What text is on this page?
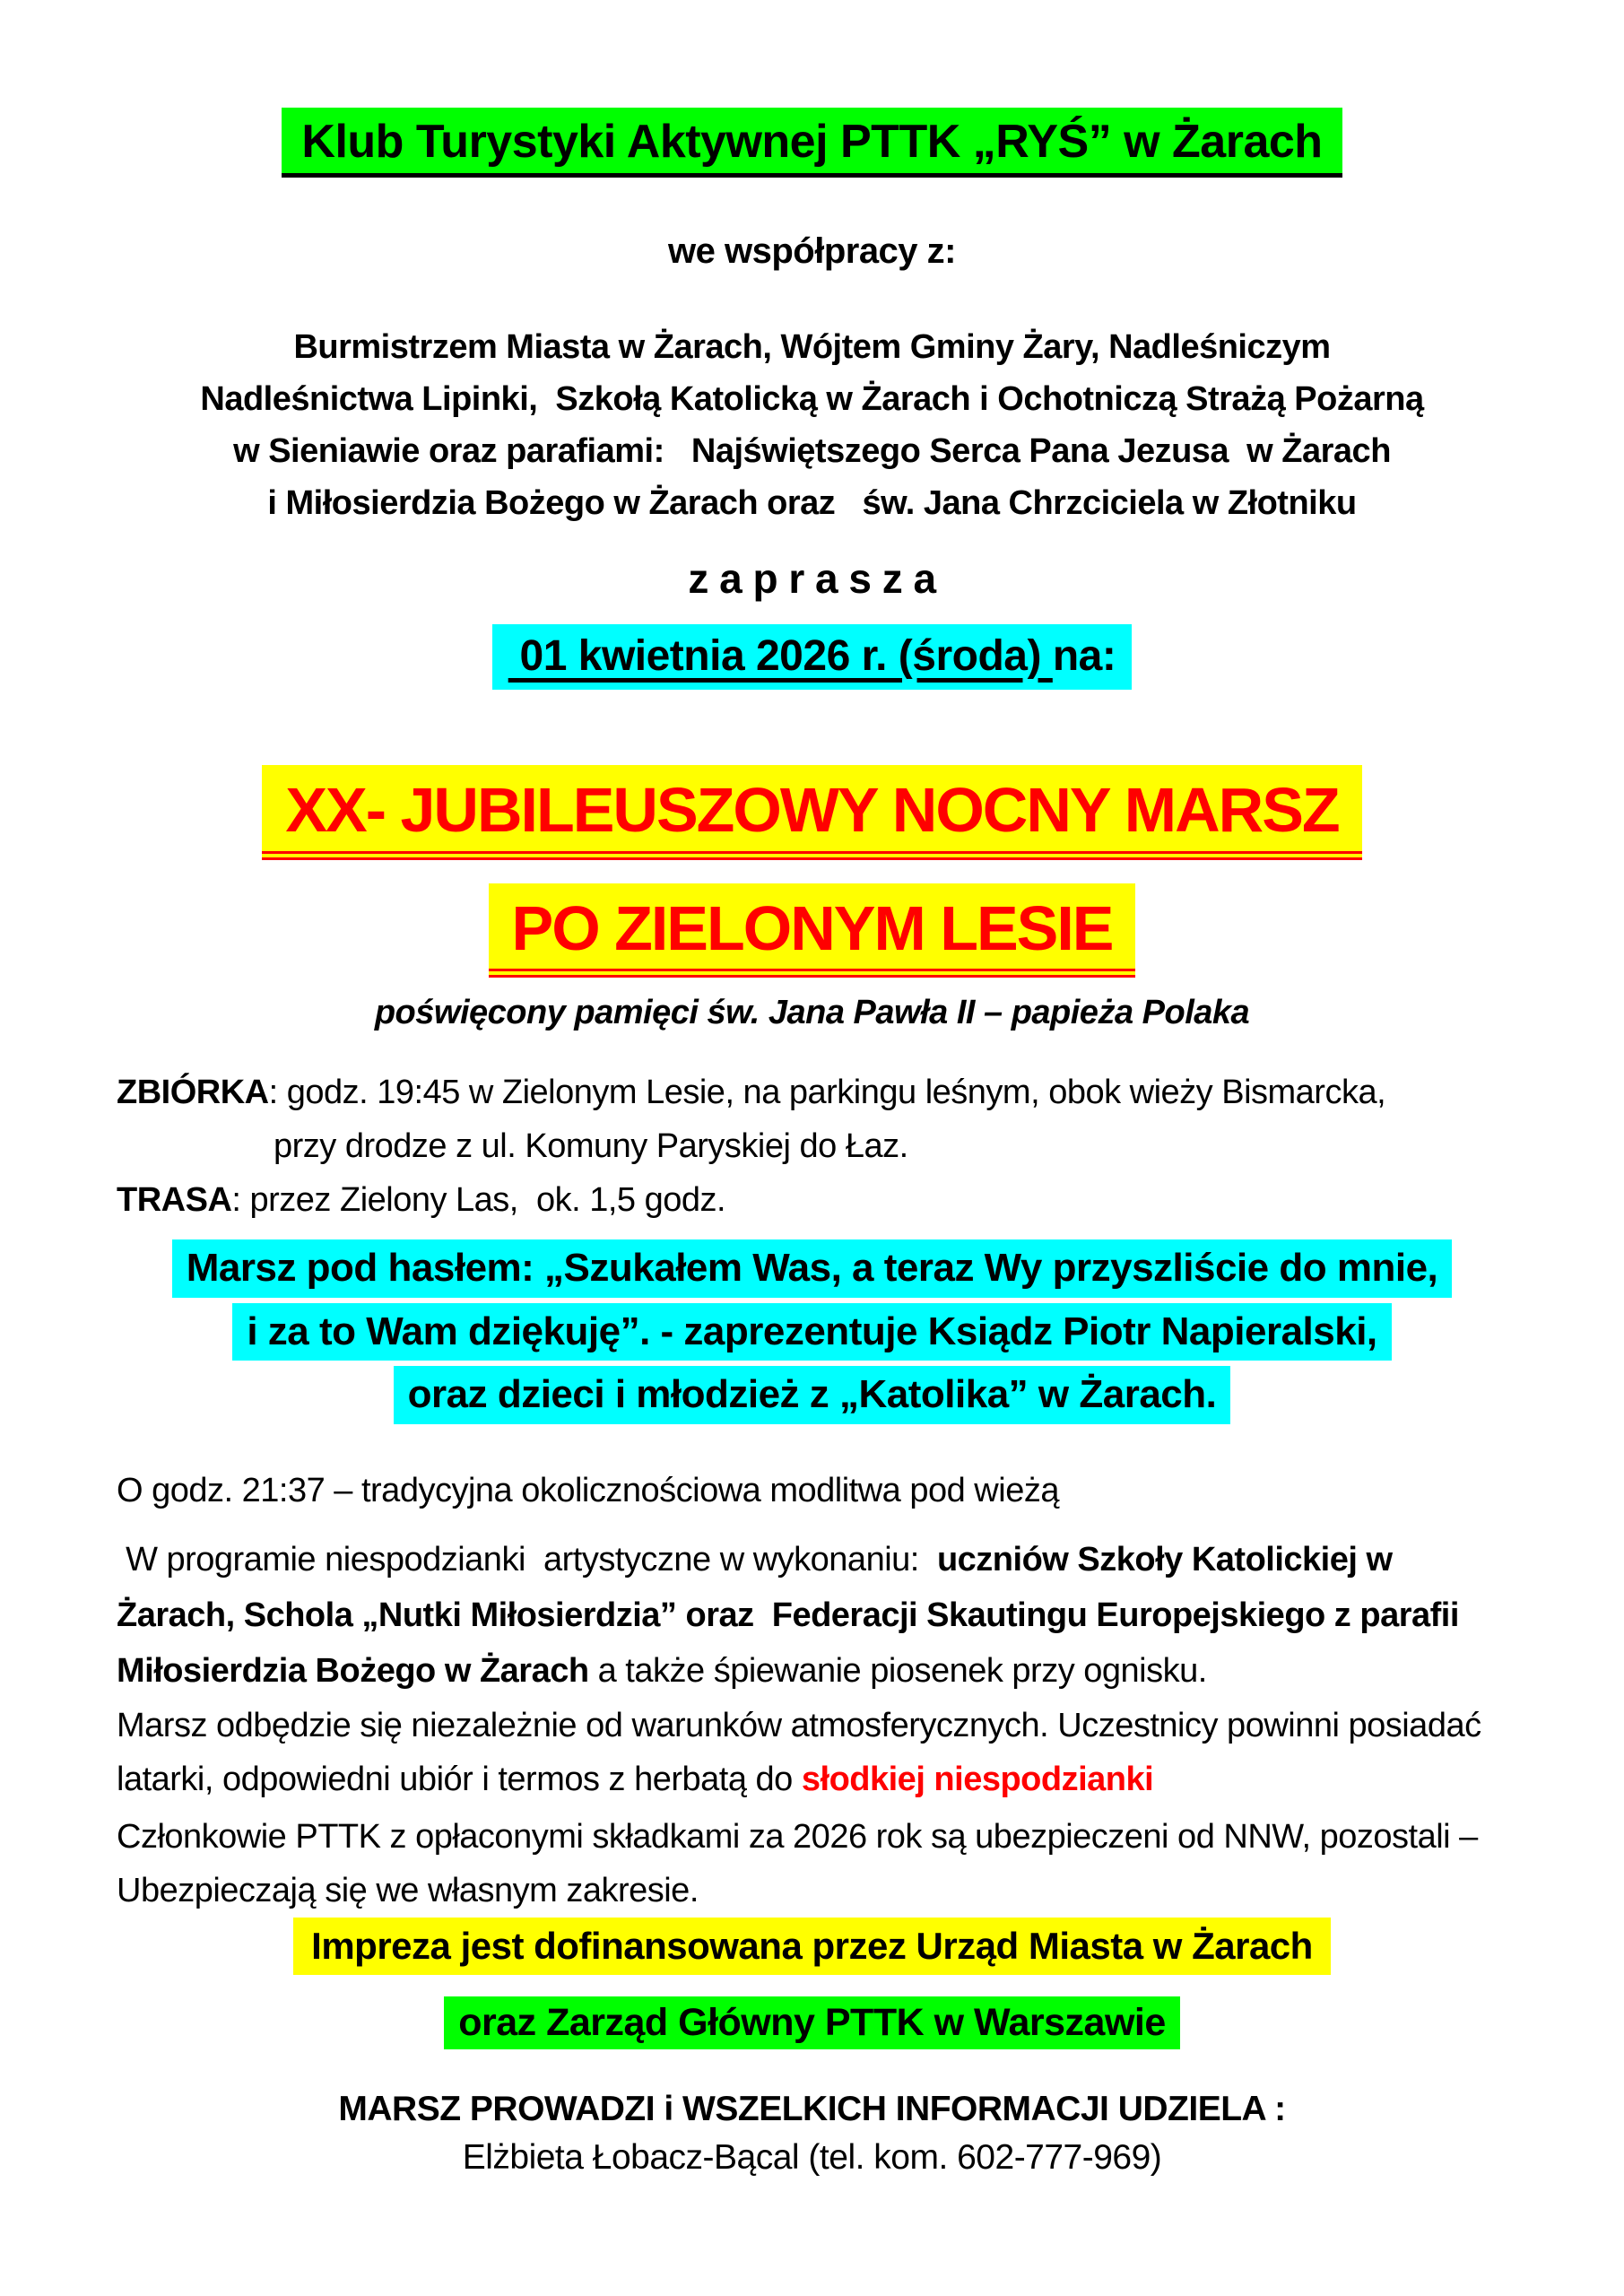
Klub Turystyki Aktywnej PTTK „RYŚ” w Żarach

we współpracy z:

Burmistrzem Miasta w Żarach, Wójtem Gminy Żary, Nadleśniczym
Nadleśnictwa Lipinki,  Szkołą Katolicką w Żarach i Ochotniczą Strażą Pożarną
w Sieniawie oraz parafiami:   Najświętszego Serca Pana Jezusa  w Żarach
i Miłosierdzia Bożego w Żarach oraz   św. Jana Chrzciciela w Złotniku

z a p r a s z a

01 kwietnia 2026 r. (środa) na:
XX- JUBILEUSZOWY NOCNY MARSZ
PO ZIELONYM LESIE

poświęcony pamięci św. Jana Pawła II – papieża Polaka

ZBIÓRKA: godz. 19:45 w Zielonym Lesie, na parkingu leśnym, obok wieży Bismarcka,
przy drodze z ul. Komuny Paryskiej do Łaz.
TRASA: przez Zielony Las,  ok. 1,5 godz.
Marsz pod hasłem: „Szukałem Was, a teraz Wy przyszliście do mnie,
i za to Wam dziękuję”. - zaprezentuje Ksiądz Piotr Napieralski,
oraz dzieci i młodzież z „Katolika” w Żarach.

O godz. 21:37 – tradycyjna okolicznościowa modlitwa pod wieżą

W programie niespodzianki  artystyczne w wykonaniu:  uczniów Szkoły Katolickiej w Żarach, Schola „Nutki Miłosierdzia” oraz  Federacji Skautingu Europejskiego z parafii Miłosierdzia Bożego w Żarach a także śpiewanie piosenek przy ognisku.

Marsz odbędzie się niezależnie od warunków atmosferycznych. Uczestnicy powinni posiadać latarki, odpowiedni ubiór i termos z herbatą do słodkiej niespodzianki

Członkowie PTTK z opłaconymi składkami za 2026 rok są ubezpieczeni od NNW, pozostali – Ubezpieczają się we własnym zakresie.

Impreza jest dofinansowana przez Urząd Miasta w Żarach
oraz Zarząd Główny PTTK w Warszawie

MARSZ PROWADZI i WSZELKICH INFORMACJI UDZIELA :

Elżbieta Łobacz-Bącal (tel. kom. 602-777-969)
